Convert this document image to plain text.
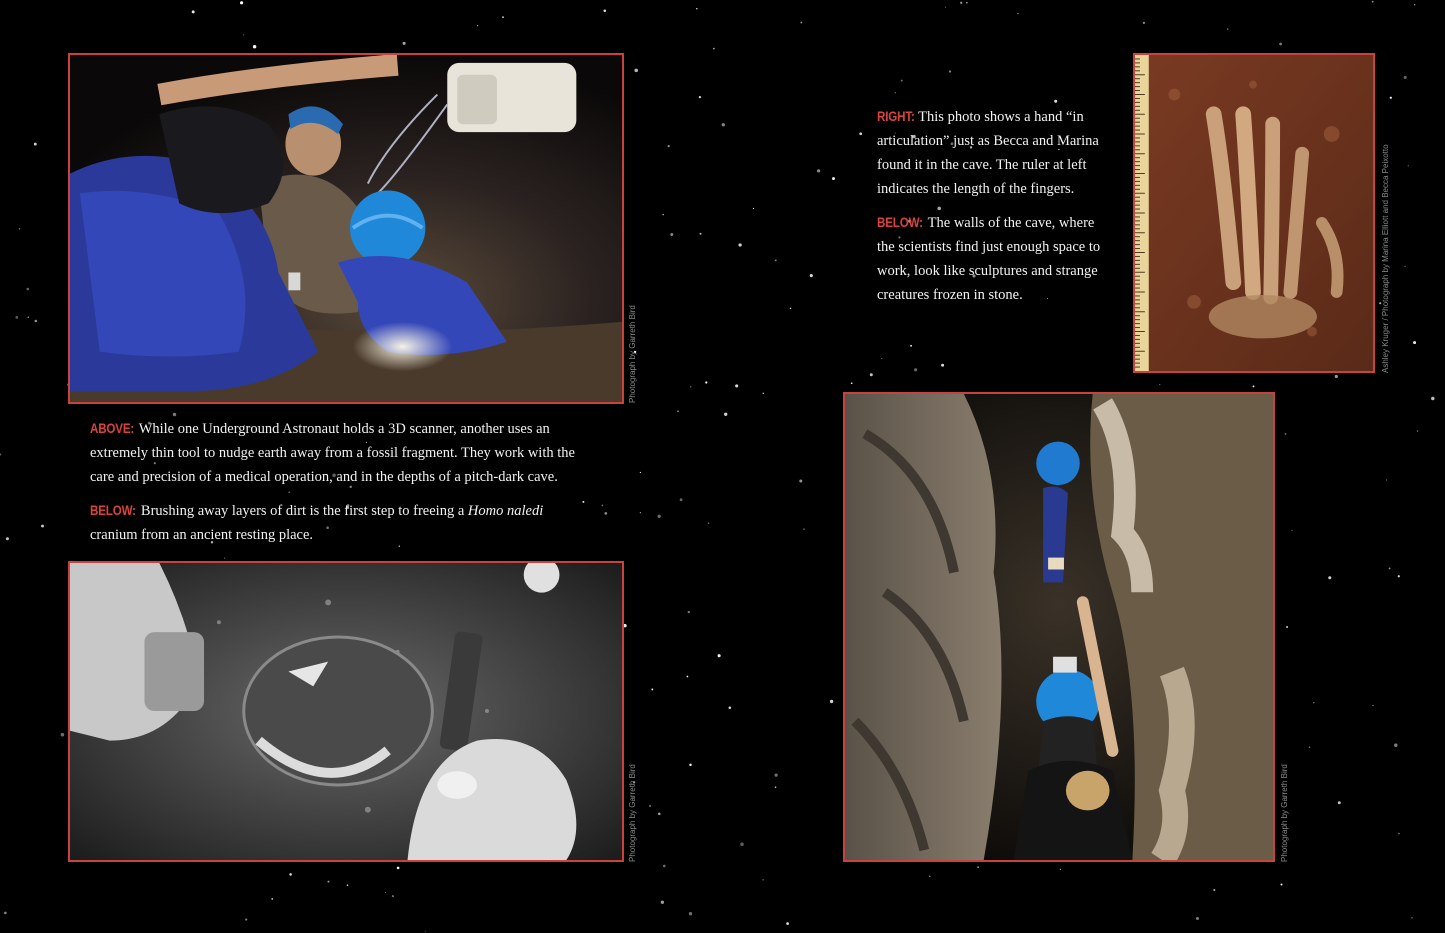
Photograph by Garreth Bird

ABOVE: While one Underground Astronaut holds a 3D scanner, another uses an extremely thin tool to nudge earth away from a fossil fragment. They work with the care and precision of a medical operation, and in the depths of a pitch-dark cave.

BELOW: Brushing away layers of dirt is the first step to freeing a Homo naledi cranium from an ancient resting place.

Photograph by Garreth Bird

RIGHT: This photo shows a hand “in articulation” just as Becca and Marina found it in the cave. The ruler at left indicates the length of the fingers.

BELOW: The walls of the cave, where the scientists find just enough space to work, look like sculptures and strange creatures frozen in stone.	Ashley Kruger / Photograph by Marina Elliott and Becca Peixotto
Photograph by Garreth Bird
